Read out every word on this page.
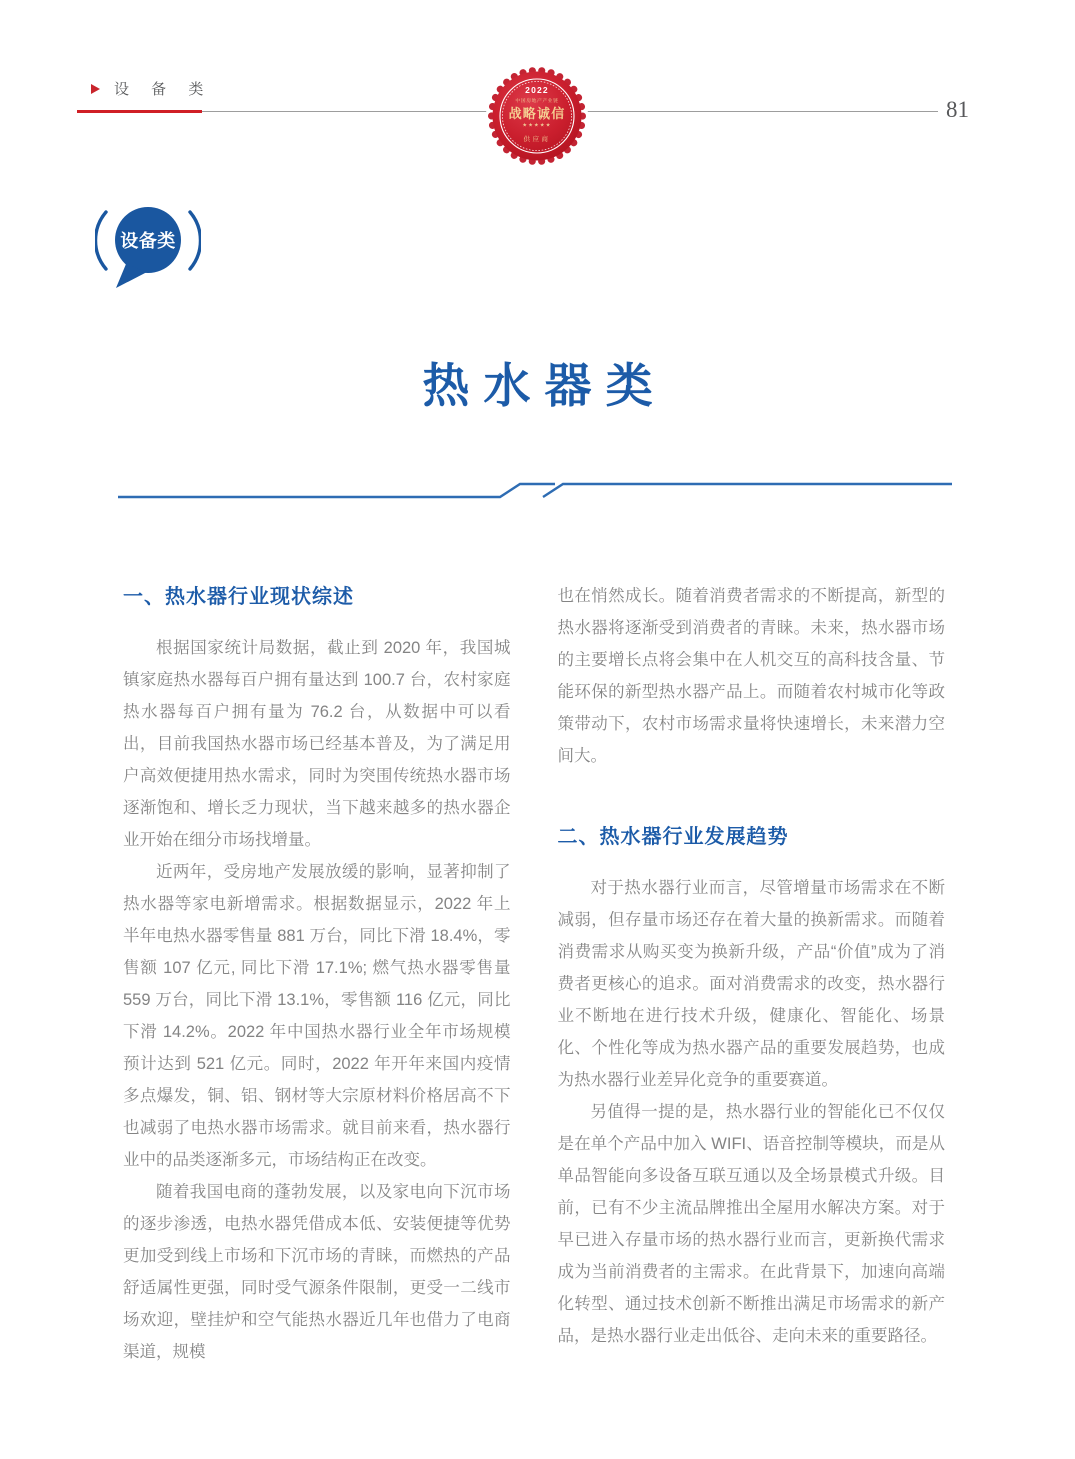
设 备 类
81
2022
中国房地产产业链
战略诚信
★★★★★
供应商
设备类
热水器类
一、热水器行业现状综述

根据国家统计局数据，截止到 2020 年，我国城镇家庭热水器每百户拥有量达到 100.7 台，农村家庭热水器每百户拥有量为 76.2 台，从数据中可以看出，目前我国热水器市场已经基本普及，为了满足用户高效便捷用热水需求，同时为突围传统热水器市场逐渐饱和、增长乏力现状，当下越来越多的热水器企业开始在细分市场找增量。

近两年，受房地产发展放缓的影响，显著抑制了热水器等家电新增需求。根据数据显示，2022 年上半年电热水器零售量 881 万台，同比下滑 18.4%，零售额 107 亿元, 同比下滑 17.1%; 燃气热水器零售量 559 万台，同比下滑 13.1%，零售额 116 亿元，同比下滑 14.2%。2022 年中国热水器行业全年市场规模预计达到 521 亿元。同时，2022 年开年来国内疫情多点爆发，铜、铝、钢材等大宗原材料价格居高不下也减弱了电热水器市场需求。就目前来看，热水器行业中的品类逐渐多元，市场结构正在改变。

随着我国电商的蓬勃发展，以及家电向下沉市场的逐步渗透，电热水器凭借成本低、安装便捷等优势更加受到线上市场和下沉市场的青睐，而燃热的产品舒适属性更强，同时受气源条件限制，更受一二线市场欢迎，壁挂炉和空气能热水器近几年也借力了电商渠道，规模

也在悄然成长。随着消费者需求的不断提高，新型的热水器将逐渐受到消费者的青睐。未来，热水器市场的主要增长点将会集中在人机交互的高科技含量、节能环保的新型热水器产品上。而随着农村城市化等政策带动下，农村市场需求量将快速增长，未来潜力空间大。

二、热水器行业发展趋势

对于热水器行业而言，尽管增量市场需求在不断减弱，但存量市场还存在着大量的换新需求。而随着消费需求从购买变为换新升级，产品“价值”成为了消费者更核心的追求。面对消费需求的改变，热水器行业不断地在进行技术升级，健康化、智能化、场景化、个性化等成为热水器产品的重要发展趋势，也成为热水器行业差异化竞争的重要赛道。

另值得一提的是，热水器行业的智能化已不仅仅是在单个产品中加入 WIFI、语音控制等模块，而是从单品智能向多设备互联互通以及全场景模式升级。目前，已有不少主流品牌推出全屋用水解决方案。对于早已进入存量市场的热水器行业而言，更新换代需求成为当前消费者的主需求。在此背景下，加速向高端化转型、通过技术创新不断推出满足市场需求的新产品，是热水器行业走出低谷、走向未来的重要路径。
